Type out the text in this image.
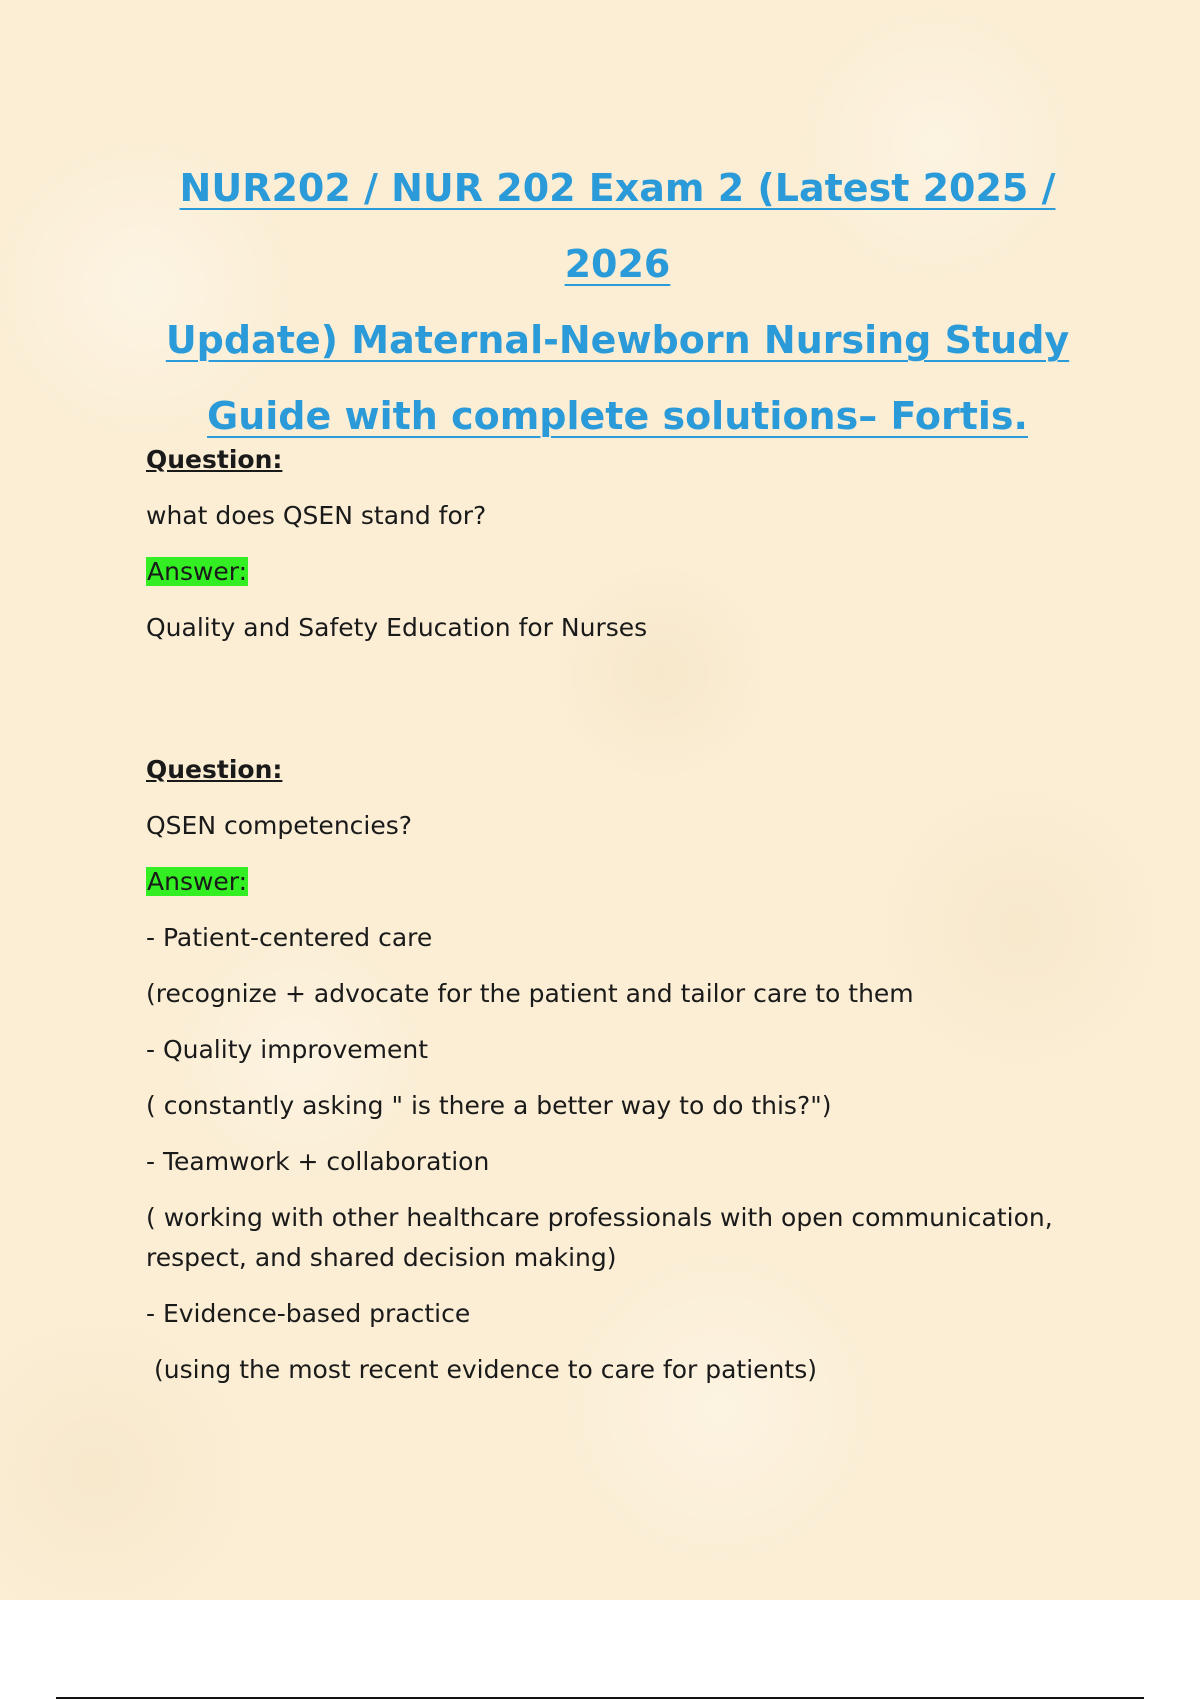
NUR202 / NUR 202 Exam 2 (Latest 2025 / 2026
Update) Maternal-Newborn Nursing Study
Guide with complete solutions– Fortis.
Question:
what does QSEN stand for?
Answer:
Quality and Safety Education for Nurses
Question:
QSEN competencies?
Answer:
- Patient-centered care
(recognize + advocate for the patient and tailor care to them
- Quality improvement
( constantly asking " is there a better way to do this?")
- Teamwork + collaboration
( working with other healthcare professionals with open communication, respect, and shared decision making)
- Evidence-based practice
(using the most recent evidence to care for patients)
